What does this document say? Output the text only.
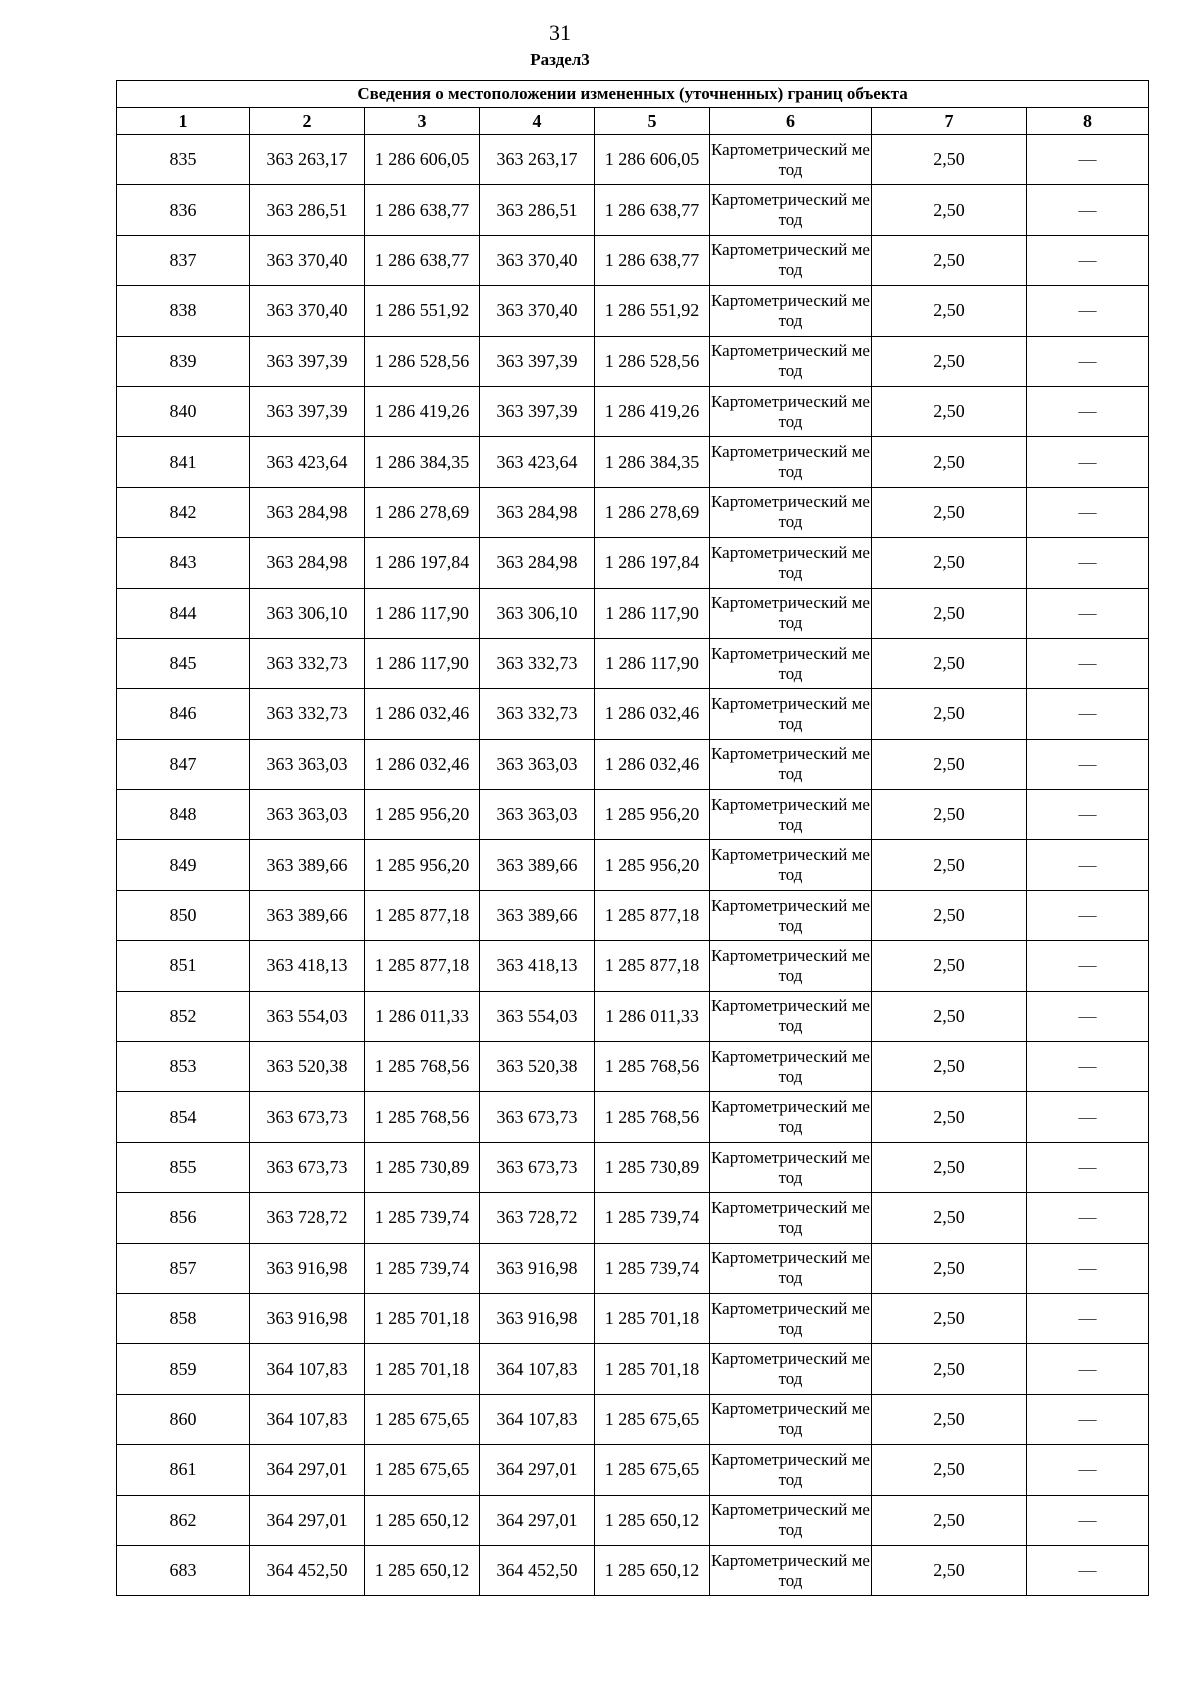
31
Раздел3
Сведения о местоположении измененных (уточненных) границ объекта							
1	2	3	4	5	6	7	8
835	363 263,17	1 286 606,05	363 263,17	1 286 606,05	Картометрический метод	2,50	—
836	363 286,51	1 286 638,77	363 286,51	1 286 638,77	Картометрический метод	2,50	—
837	363 370,40	1 286 638,77	363 370,40	1 286 638,77	Картометрический метод	2,50	—
838	363 370,40	1 286 551,92	363 370,40	1 286 551,92	Картометрический метод	2,50	—
839	363 397,39	1 286 528,56	363 397,39	1 286 528,56	Картометрический метод	2,50	—
840	363 397,39	1 286 419,26	363 397,39	1 286 419,26	Картометрический метод	2,50	—
841	363 423,64	1 286 384,35	363 423,64	1 286 384,35	Картометрический метод	2,50	—
842	363 284,98	1 286 278,69	363 284,98	1 286 278,69	Картометрический метод	2,50	—
843	363 284,98	1 286 197,84	363 284,98	1 286 197,84	Картометрический метод	2,50	—
844	363 306,10	1 286 117,90	363 306,10	1 286 117,90	Картометрический метод	2,50	—
845	363 332,73	1 286 117,90	363 332,73	1 286 117,90	Картометрический метод	2,50	—
846	363 332,73	1 286 032,46	363 332,73	1 286 032,46	Картометрический метод	2,50	—
847	363 363,03	1 286 032,46	363 363,03	1 286 032,46	Картометрический метод	2,50	—
848	363 363,03	1 285 956,20	363 363,03	1 285 956,20	Картометрический метод	2,50	—
849	363 389,66	1 285 956,20	363 389,66	1 285 956,20	Картометрический метод	2,50	—
850	363 389,66	1 285 877,18	363 389,66	1 285 877,18	Картометрический метод	2,50	—
851	363 418,13	1 285 877,18	363 418,13	1 285 877,18	Картометрический метод	2,50	—
852	363 554,03	1 286 011,33	363 554,03	1 286 011,33	Картометрический метод	2,50	—
853	363 520,38	1 285 768,56	363 520,38	1 285 768,56	Картометрический метод	2,50	—
854	363 673,73	1 285 768,56	363 673,73	1 285 768,56	Картометрический метод	2,50	—
855	363 673,73	1 285 730,89	363 673,73	1 285 730,89	Картометрический метод	2,50	—
856	363 728,72	1 285 739,74	363 728,72	1 285 739,74	Картометрический метод	2,50	—
857	363 916,98	1 285 739,74	363 916,98	1 285 739,74	Картометрический метод	2,50	—
858	363 916,98	1 285 701,18	363 916,98	1 285 701,18	Картометрический метод	2,50	—
859	364 107,83	1 285 701,18	364 107,83	1 285 701,18	Картометрический метод	2,50	—
860	364 107,83	1 285 675,65	364 107,83	1 285 675,65	Картометрический метод	2,50	—
861	364 297,01	1 285 675,65	364 297,01	1 285 675,65	Картометрический метод	2,50	—
862	364 297,01	1 285 650,12	364 297,01	1 285 650,12	Картометрический метод	2,50	—
683	364 452,50	1 285 650,12	364 452,50	1 285 650,12	Картометрический метод	2,50	—
